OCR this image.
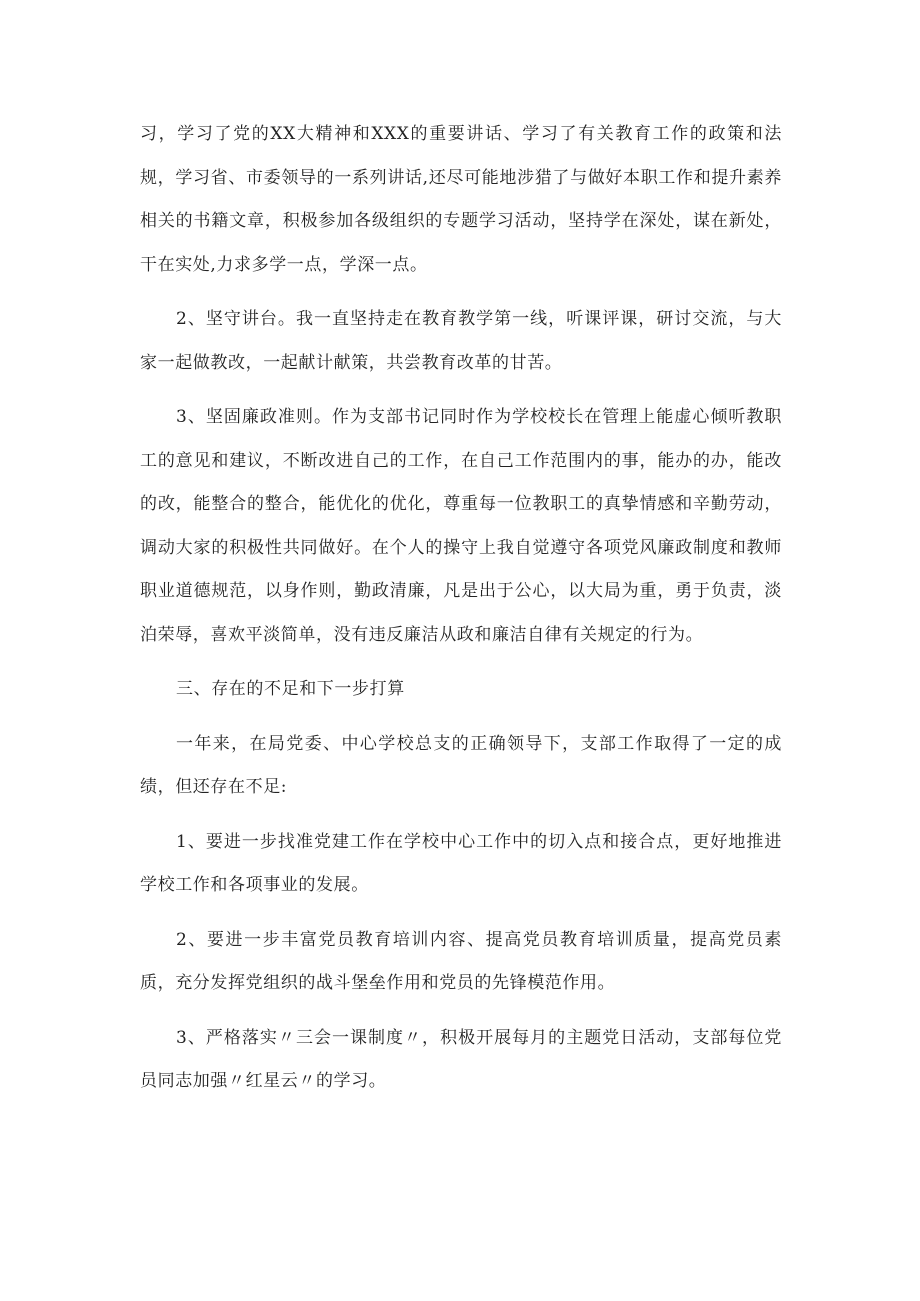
习，学习了党的XX大精神和XXX的重要讲话、学习了有关教育工作的政策和法规，学习省、市委领导的一系列讲话,还尽可能地涉猎了与做好本职工作和提升素养相关的书籍文章，积极参加各级组织的专题学习活动，坚持学在深处，谋在新处，干在实处,力求多学一点，学深一点。

2、坚守讲台。我一直坚持走在教育教学第一线，听课评课，研讨交流，与大家一起做教改，一起献计献策，共尝教育改革的甘苦。

3、坚固廉政准则。作为支部书记同时作为学校校长在管理上能虚心倾听教职工的意见和建议，不断改进自己的工作，在自己工作范围内的事，能办的办，能改的改，能整合的整合，能优化的优化，尊重每一位教职工的真挚情感和辛勤劳动，调动大家的积极性共同做好。在个人的操守上我自觉遵守各项党风廉政制度和教师职业道德规范，以身作则，勤政清廉，凡是出于公心，以大局为重，勇于负责，淡泊荣辱，喜欢平淡简单，没有违反廉洁从政和廉洁自律有关规定的行为。

三、存在的不足和下一步打算

一年来，在局党委、中心学校总支的正确领导下，支部工作取得了一定的成绩，但还存在不足:

1、要进一步找准党建工作在学校中心工作中的切入点和接合点，更好地推进学校工作和各项事业的发展。

2、要进一步丰富党员教育培训内容、提高党员教育培训质量，提高党员素质，充分发挥党组织的战斗堡垒作用和党员的先锋模范作用。

3、严格落实〃三会一课制度〃，积极开展每月的主题党日活动，支部每位党员同志加强〃红星云〃的学习。
